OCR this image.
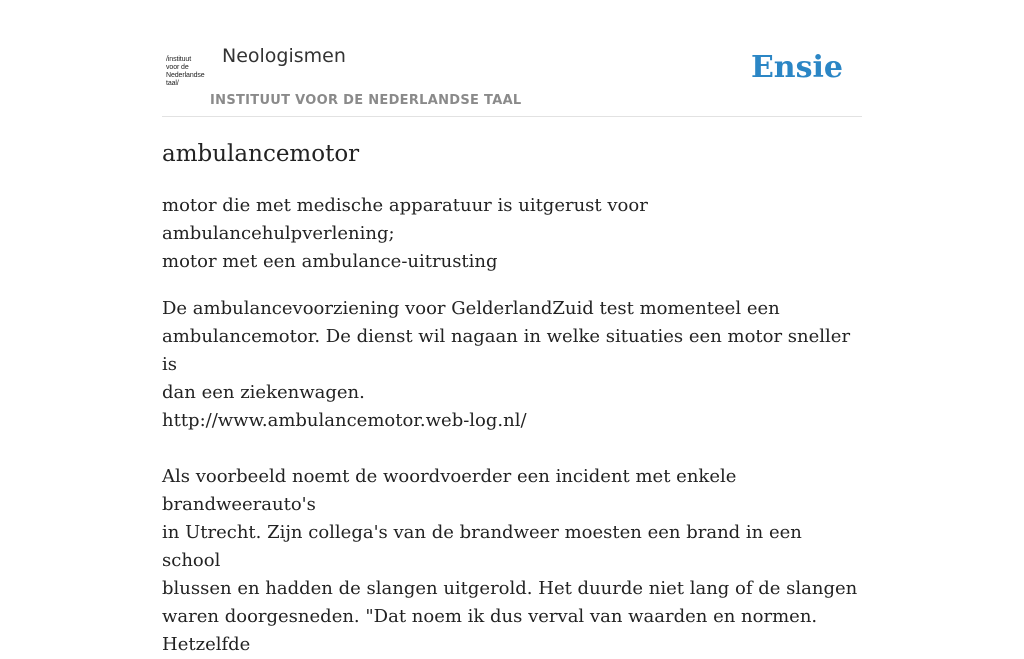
/instituut
voor de
Nederlandse
taal/
Neologismen
INSTITUUT VOOR DE NEDERLANDSE TAAL
Ensie
ambulancemotor

motor die met medische apparatuur is uitgerust voor ambulancehulpverlening;
motor met een ambulance-uitrusting

De ambulancevoorziening voor GelderlandZuid test momenteel een
ambulancemotor. De dienst wil nagaan in welke situaties een motor sneller is
dan een ziekenwagen.
http://www.ambulancemotor.web-log.nl/
Als voorbeeld noemt de woordvoerder een incident met enkele brandweerauto's
in Utrecht. Zijn collega's van de brandweer moesten een brand in een school
blussen en hadden de slangen uitgerold. Het duurde niet lang of de slangen
waren doorgesneden. "Dat noem ik dus verval van waarden en normen. Hetzelfde
